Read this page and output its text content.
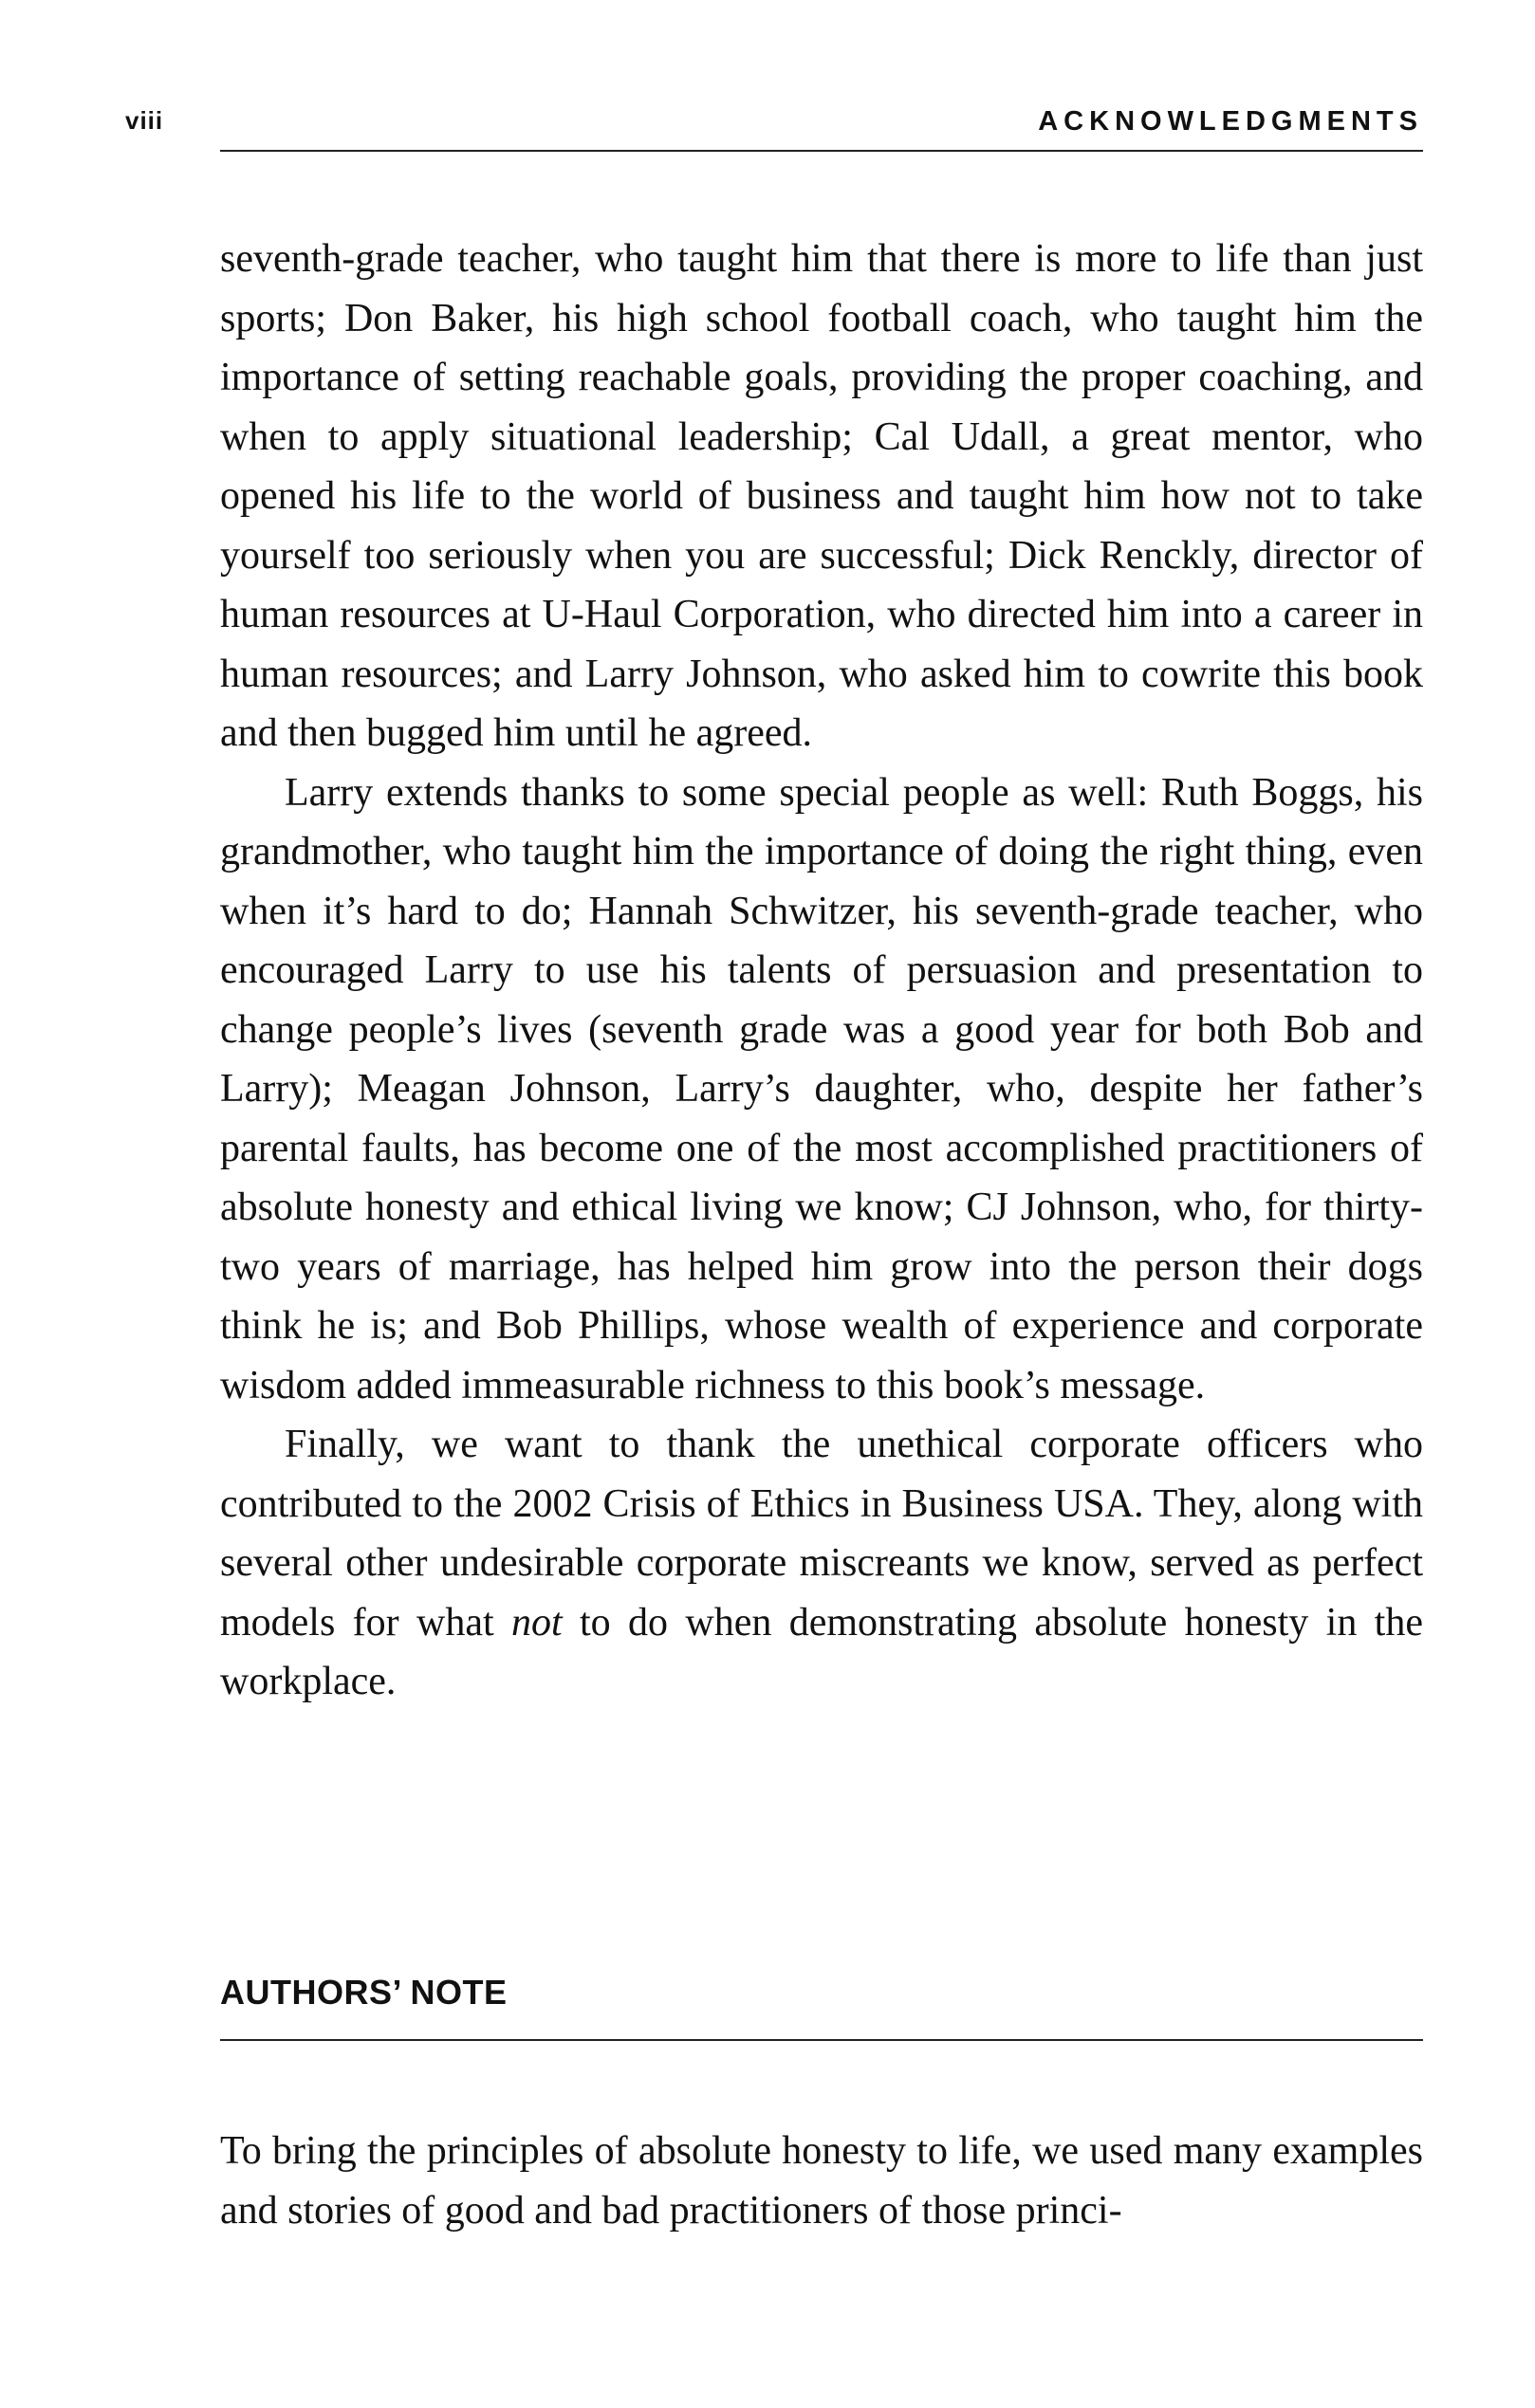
viii	ACKNOWLEDGMENTS

seventh-grade teacher, who taught him that there is more to life than just sports; Don Baker, his high school football coach, who taught him the importance of setting reachable goals, providing the proper coaching, and when to apply situational leadership; Cal Udall, a great mentor, who opened his life to the world of business and taught him how not to take yourself too seriously when you are successful; Dick Renckly, director of human resources at U-Haul Corporation, who directed him into a career in human resources; and Larry Johnson, who asked him to cowrite this book and then bugged him until he agreed.

Larry extends thanks to some special people as well: Ruth Boggs, his grandmother, who taught him the importance of doing the right thing, even when it’s hard to do; Hannah Schwitzer, his seventh-grade teacher, who encouraged Larry to use his talents of persuasion and presentation to change people’s lives (seventh grade was a good year for both Bob and Larry); Meagan Johnson, Larry’s daughter, who, despite her father’s parental faults, has become one of the most accomplished practitioners of absolute honesty and ethical living we know; CJ Johnson, who, for thirty-two years of marriage, has helped him grow into the person their dogs think he is; and Bob Phillips, whose wealth of experience and corporate wisdom added immeasurable richness to this book’s message.

Finally, we want to thank the unethical corporate officers who contributed to the 2002 Crisis of Ethics in Business USA. They, along with several other undesirable corporate miscreants we know, served as perfect models for what not to do when demonstrating absolute honesty in the workplace.

AUTHORS’ NOTE

To bring the principles of absolute honesty to life, we used many examples and stories of good and bad practitioners of those princi-
